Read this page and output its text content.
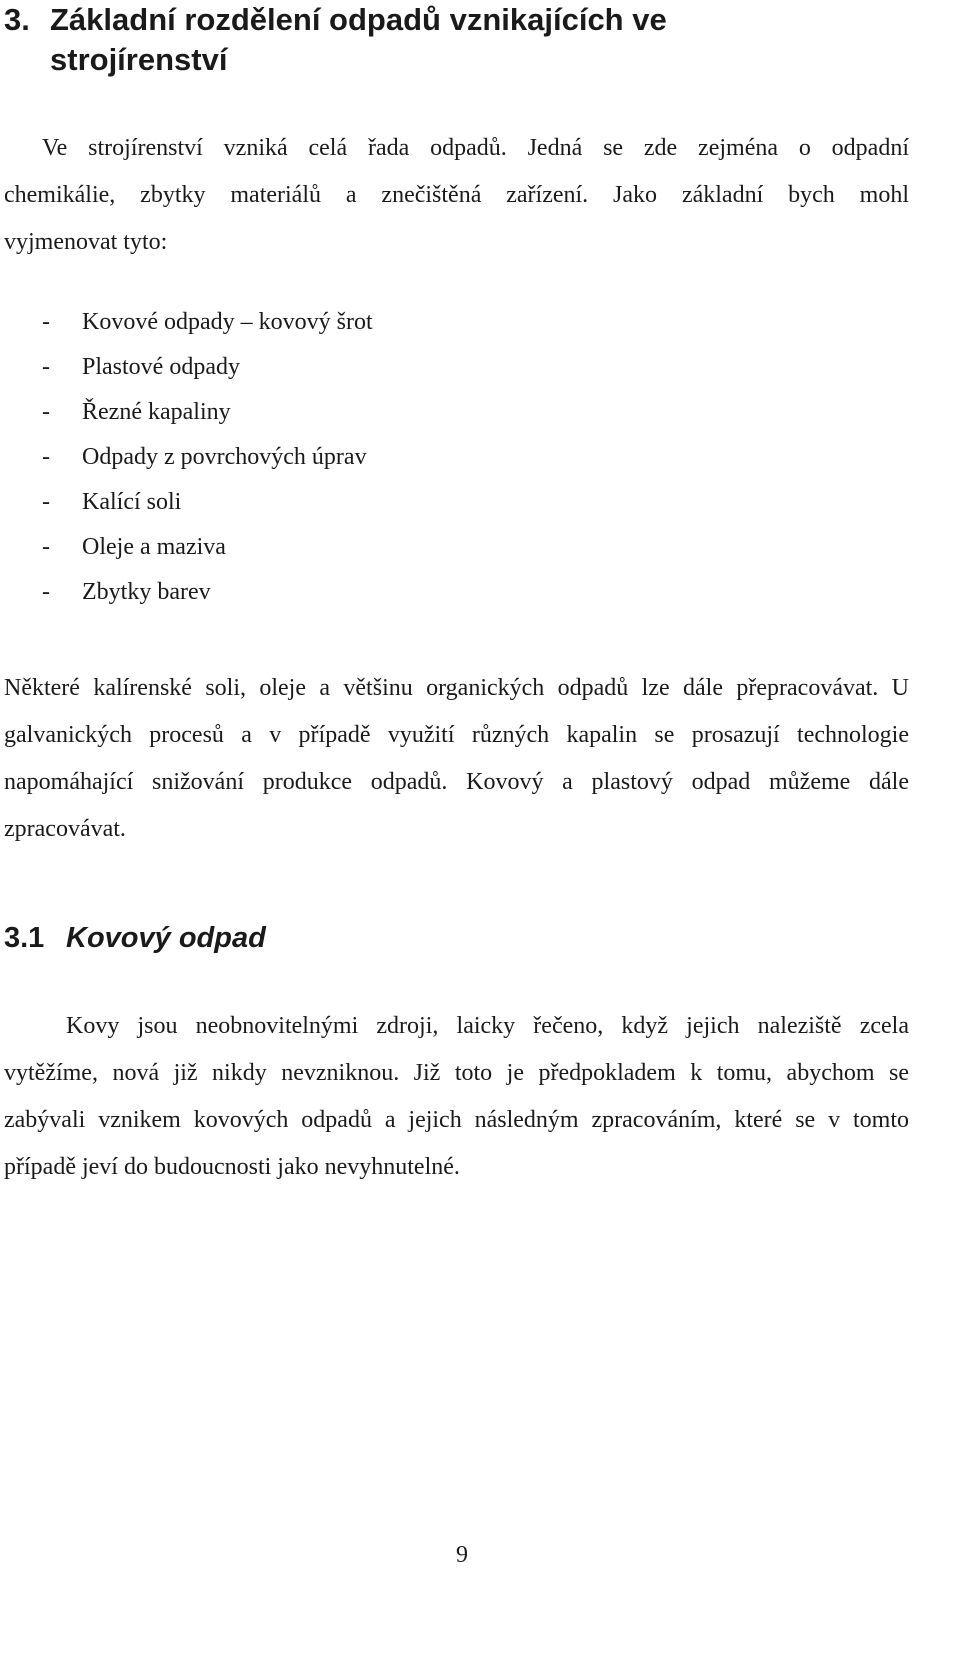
3. Základní rozdělení odpadů vznikajících ve
strojírenství
Ve strojírenství vzniká celá řada odpadů. Jedná se zde zejména o odpadní
chemikálie, zbytky materiálů a znečištěná zařízení. Jako základní bych mohl
vyjmenovat tyto:
-	Kovové odpady – kovový šrot
-	Plastové odpady
-	Řezné kapaliny
-	Odpady z povrchových úprav
-	Kalící soli
-	Oleje a maziva
-	Zbytky barev
Některé kalírenské soli, oleje a většinu organických odpadů lze dále přepracovávat. U
galvanických procesů a v případě využití různých kapalin se prosazují technologie
napomáhající snižování produkce odpadů. Kovový a plastový odpad můžeme dále
zpracovávat.
3.1 Kovový odpad
Kovy jsou neobnovitelnými zdroji, laicky řečeno, když jejich naleziště zcela
vytěžíme, nová již nikdy nevzniknou. Již toto je předpokladem k tomu, abychom se
zabývali vznikem kovových odpadů a jejich následným zpracováním, které se v tomto
případě jeví do budoucnosti jako nevyhnutelné.
9
